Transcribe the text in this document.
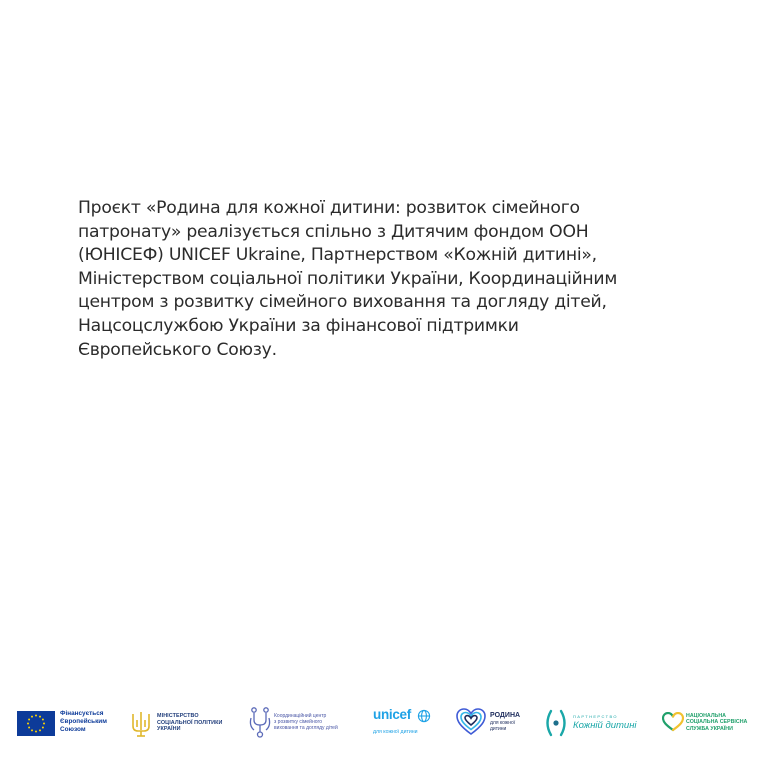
Проєкт «Родина для кожної дитини: розвиток сімейного
патронату» реалізується спільно з Дитячим фондом ООН
(ЮНІСЕФ) UNICEF Ukraine, Партнерством «Кожній дитині»,
Міністерством соціальної політики України, Координаційним
центром з розвитку сімейного виховання та догляду дітей,
Нацсоцслужбою України за фінансової підтримки
Європейського Союзу.
Фінансується
Європейським
Союзом
МІНІСТЕРСТВО
СОЦІАЛЬНОЇ ПОЛІТИКИ
УКРАЇНИ
Координаційний центр
з розвитку сімейного
виховання та догляду дітей
unicef
для кожної дитини
РОДИНА
для кожної
дитини
ПАРТНЕРСТВО
Кожній дитині
НАЦІОНАЛЬНА
СОЦІАЛЬНА СЕРВІСНА
СЛУЖБА УКРАЇНИ
